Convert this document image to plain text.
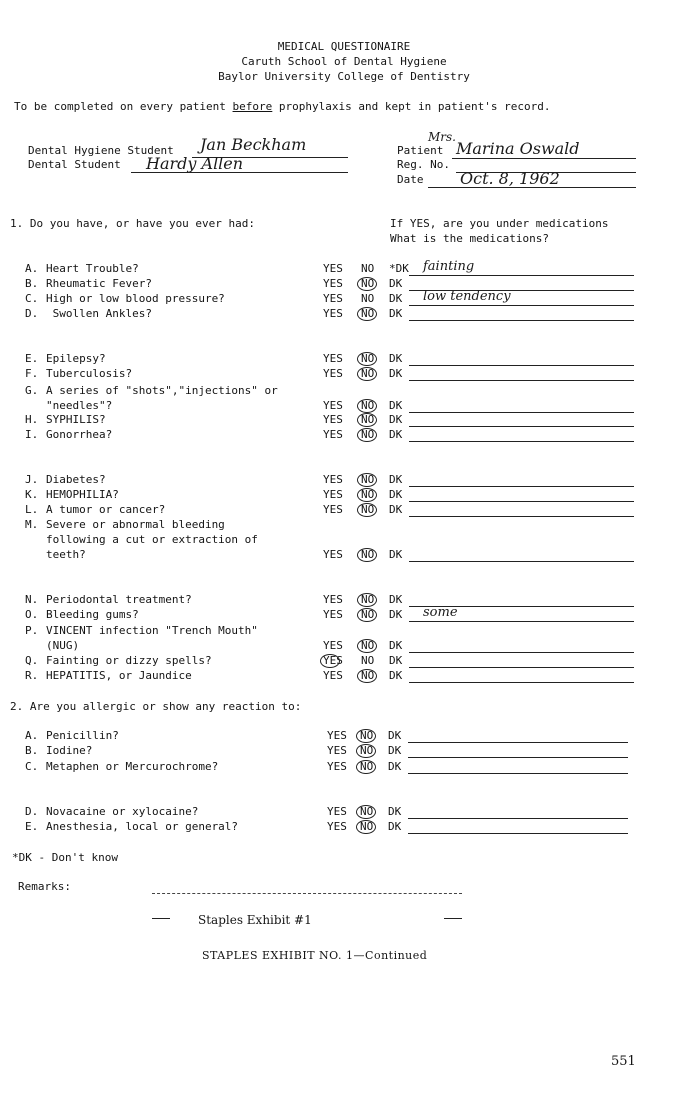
MEDICAL QUESTIONAIRE
Caruth School of Dental Hygiene
Baylor University College of Dentistry
To be completed on every patient before prophylaxis and kept in patient's record.
Dental Hygiene Student Jan Beckham
Dental Student Hardy Allen
Patient
Mrs.
Marina Oswald
Reg. No.
Date Oct. 8, 1962
1. Do you have, or have you ever had:	If YES, are you under medications
What is the medications?
A. Heart Trouble?	YES NO *DK fainting
B. Rheumatic Fever?	YES NO DK
C. High or low blood pressure?	YES NO DK low tendency
D. Swollen Ankles?	YES NO DK
E. Epilepsy?	YES NO DK
F. Tuberculosis?	YES NO DK
G. A series of "shots","injections" or
"needles"?	YES NO DK
H. SYPHILIS?	YES NO DK
I. Gonorrhea?	YES NO DK
J. Diabetes?	YES NO DK
K. HEMOPHILIA?	YES NO DK
L. A tumor or cancer?	YES NO DK
M. Severe or abnormal bleeding
following a cut or extraction of
teeth?	YES NO DK
N. Periodontal treatment?	YES NO DK
O. Bleeding gums?	YES NO DK some
P. VINCENT infection "Trench Mouth"
(NUG)	YES NO DK
Q. Fainting or dizzy spells?	YES NO DK
R. HEPATITIS, or Jaundice	YES NO DK
2. Are you allergic or show any reaction to:
A. Penicillin?	YES NO DK
B. Iodine?	YES NO DK
C. Metaphen or Mercurochrome?	YES NO DK
D. Novacaine or xylocaine?	YES NO DK
E. Anesthesia, local or general?	YES NO DK
*DK - Don't know
Remarks:
Staples Exhibit #1
STAPLES EXHIBIT NO. 1—Continued
551
